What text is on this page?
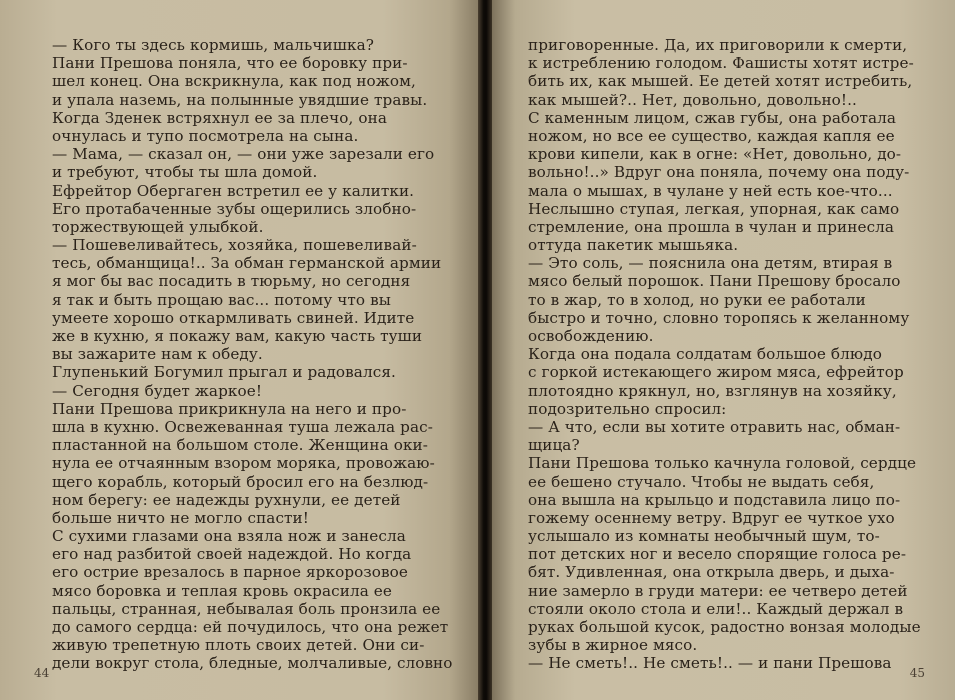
— Кого ты здесь кормишь, мальчишка?
Пани Прешова поняла, что ее боровку при-
шел конец. Она вскрикнула, как под ножом,
и упала наземь, на полынные увядшие травы.
Когда Зденек встряхнул ее за плечо, она
очнулась и тупо посмотрела на сына.
— Мама, — сказал он, — они уже зарезали его
и требуют, чтобы ты шла домой.
Ефрейтор Обергаген встретил ее у калитки.
Его протабаченные зубы ощерились злобно-
торжествующей улыбкой.
— Пошевеливайтесь, хозяйка, пошевеливай-
тесь, обманщица!.. За обман германской армии
я мог бы вас посадить в тюрьму, но сегодня
я так и быть прощаю вас... потому что вы
умеете хорошо откармливать свиней. Идите
же в кухню, я покажу вам, какую часть туши
вы зажарите нам к обеду.
Глупенький Богумил прыгал и радовался.
— Сегодня будет жаркое!
Пани Прешова прикрикнула на него и про-
шла в кухню. Освежеванная туша лежала рас-
пластанной на большом столе. Женщина оки-
нула ее отчаянным взором моряка, провожаю-
щего корабль, который бросил его на безлюд-
ном берегу: ее надежды рухнули, ее детей
больше ничто не могло спасти!
С сухими глазами она взяла нож и занесла
его над разбитой своей надеждой. Но когда
его острие врезалось в парное яркорозовое
мясо боровка и теплая кровь окрасила ее
пальцы, странная, небывалая боль пронзила ее
до самого сердца: ей почудилось, что она режет
живую трепетную плоть своих детей. Они си-
дели вокруг стола, бледные, молчаливые, словно
44
приговоренные. Да, их приговорили к смерти,
к истреблению голодом. Фашисты хотят истре-
бить их, как мышей. Ее детей хотят истребить,
как мышей?.. Нет, довольно, довольно!..
С каменным лицом, сжав губы, она работала
ножом, но все ее существо, каждая капля ее
крови кипели, как в огне: «Нет, довольно, до-
вольно!..» Вдруг она поняла, почему она поду-
мала о мышах, в чулане у ней есть кое-что...
Неслышно ступая, легкая, упорная, как само
стремление, она прошла в чулан и принесла
оттуда пакетик мышьяка.
— Это соль, — пояснила она детям, втирая в
мясо белый порошок. Пани Прешову бросало
то в жар, то в холод, но руки ее работали
быстро и точно, словно торопясь к желанному
освобождению.
Когда она подала солдатам большое блюдо
с горкой истекающего жиром мяса, ефрейтор
плотоядно крякнул, но, взглянув на хозяйку,
подозрительно спросил:
— А что, если вы хотите отравить нас, обман-
щица?
Пани Прешова только качнула головой, сердце
ее бешено стучало. Чтобы не выдать себя,
она вышла на крыльцо и подставила лицо по-
гожему осеннему ветру. Вдруг ее чуткое ухо
услышало из комнаты необычный шум, то-
пот детских ног и весело спорящие голоса ре-
бят. Удивленная, она открыла дверь, и дыха-
ние замерло в груди матери: ее четверо детей
стояли около стола и ели!.. Каждый держал в
руках большой кусок, радостно вонзая молодые
зубы в жирное мясо.
— Не сметь!.. Не сметь!.. — и пани Прешова
45
